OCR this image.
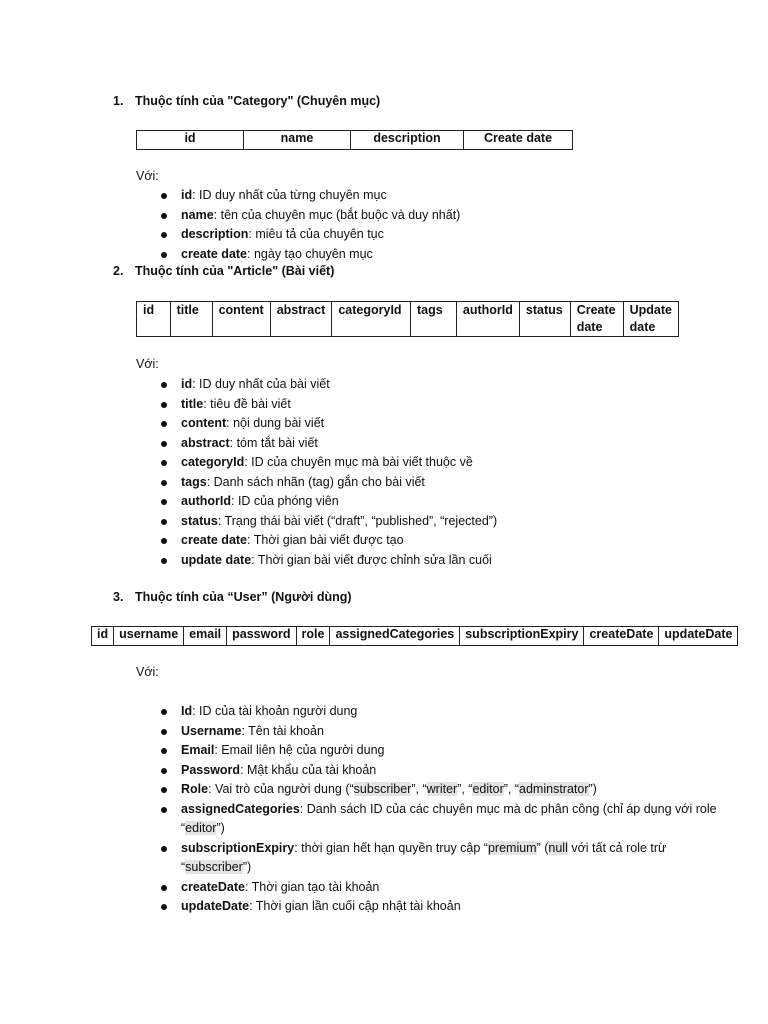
1. Thuộc tính của "Category" (Chuyên mục)
id	name	description	Create date
Với:
id: ID duy nhất của từng chuyên mục
name: tên của chuyên mục (bắt buộc và duy nhất)
description: miêu tả của chuyên tục
create date: ngày tạo chuyên mục
2. Thuộc tính của "Article" (Bài viết)
id	title	content	abstract	categoryId	tags	authorId	status	Create date	Update date
Với:
id: ID duy nhất của bài viết
title: tiêu đề bài viết
content: nội dung bài viết
abstract: tóm tắt bài viết
categoryId: ID của chuyên mục mà bài viết thuộc về
tags: Danh sách nhãn (tag) gắn cho bài viết
authorId: ID của phóng viên
status: Trạng thái bài viết (“draft”, “published”, “rejected”)
create date: Thời gian bài viết được tạo
update date: Thời gian bài viết được chỉnh sửa lần cuối
3. Thuộc tính của “User” (Người dùng)
id	username	email	password	role	assignedCategories	subscriptionExpiry	createDate	updateDate
Với:
Id: ID của tài khoản người dung
Username: Tên tài khoản
Email: Email liên hệ của người dung
Password: Mật khẩu của tài khoản
Role: Vai trò của người dung (“subscriber”, “writer”, “editor”, “adminstrator”)
assignedCategories: Danh sách ID của các chuyên mục mà dc phân công (chỉ áp dụng với role “editor”)
subscriptionExpiry: thời gian hết hạn quyền truy cập “premium” (null với tất cả role trừ “subscriber”)
createDate: Thời gian tạo tài khoản
updateDate: Thời gian lần cuối cập nhật tài khoản
